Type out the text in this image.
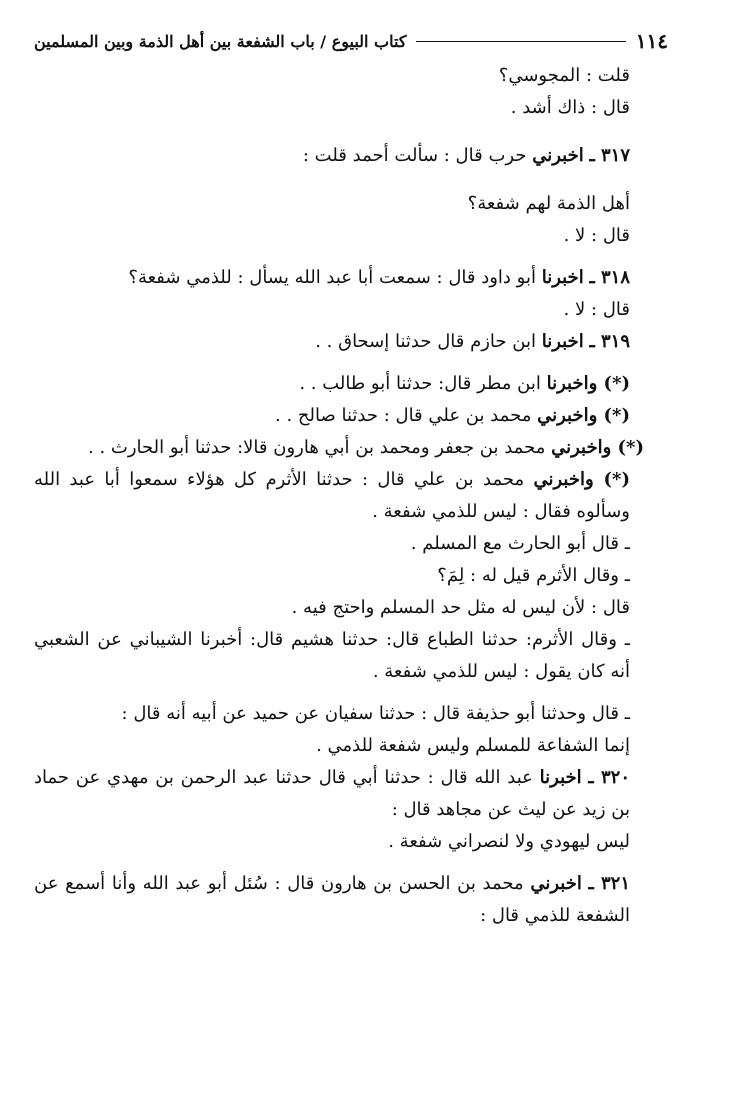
١١٤
كتاب البيوع / باب الشفعة بين أهل الذمة وبين المسلمين

قلت : المجوسي؟

قال : ذاك أشد .

٣١٧ ـ اخبرني حرب قال : سألت أحمد قلت :

أهل الذمة لهم شفعة؟

قال : لا .

٣١٨ ـ اخبرنا أبو داود قال : سمعت أبا عبد الله يسأل : للذمي شفعة؟

قال : لا .

٣١٩ ـ اخبرنا ابن حازم قال حدثنا إسحاق . .

(*) واخبرنا ابن مطر قال: حدثنا أبو طالب . .

(*) واخبرني محمد بن علي قال : حدثنا صالح . .

(*) واخبرني محمد بن جعفر ومحمد بن أبي هارون قالا: حدثنا أبو الحارث . .

(*) واخبرني محمد بن علي قال : حدثنا الأثرم كل هؤلاء سمعوا أبا عبد الله وسألوه فقال : ليس للذمي شفعة .

ـ قال أبو الحارث مع المسلم .

ـ وقال الأثرم قيل له : لِمَ؟

قال : لأن ليس له مثل حد المسلم واحتج فيه .

ـ وقال الأثرم: حدثنا الطباع قال: حدثنا هشيم قال: أخبرنا الشيباني عن الشعبي أنه كان يقول : ليس للذمي شفعة .

ـ قال وحدثنا أبو حذيفة قال : حدثنا سفيان عن حميد عن أبيه أنه قال :

إنما الشفاعة للمسلم وليس شفعة للذمي .

٣٢٠ ـ اخبرنا عبد الله قال : حدثنا أبي قال حدثنا عبد الرحمن بن مهدي عن حماد بن زيد عن ليث عن مجاهد قال :

ليس ليهودي ولا لنصراني شفعة .

٣٢١ ـ اخبرني محمد بن الحسن بن هارون قال : سُئل أبو عبد الله وأنا أسمع عن الشفعة للذمي قال :
